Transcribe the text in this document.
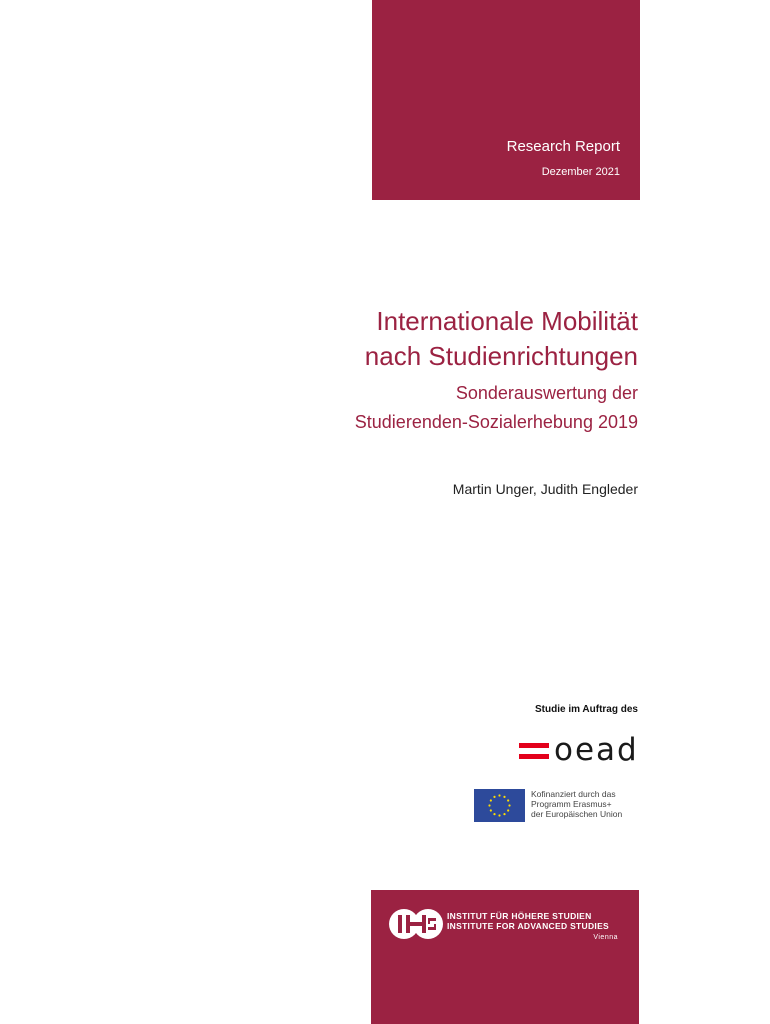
Research Report
Dezember 2021
Internationale Mobilität
nach Studienrichtungen
Sonderauswertung der
Studierenden-Sozialerhebung 2019
Martin Unger, Judith Engleder
Studie im Auftrag des
oead
Kofinanziert durch das
Programm Erasmus+
der Europäischen Union
INSTITUT FÜR HÖHERE STUDIEN
INSTITUTE FOR ADVANCED STUDIES
Vienna
